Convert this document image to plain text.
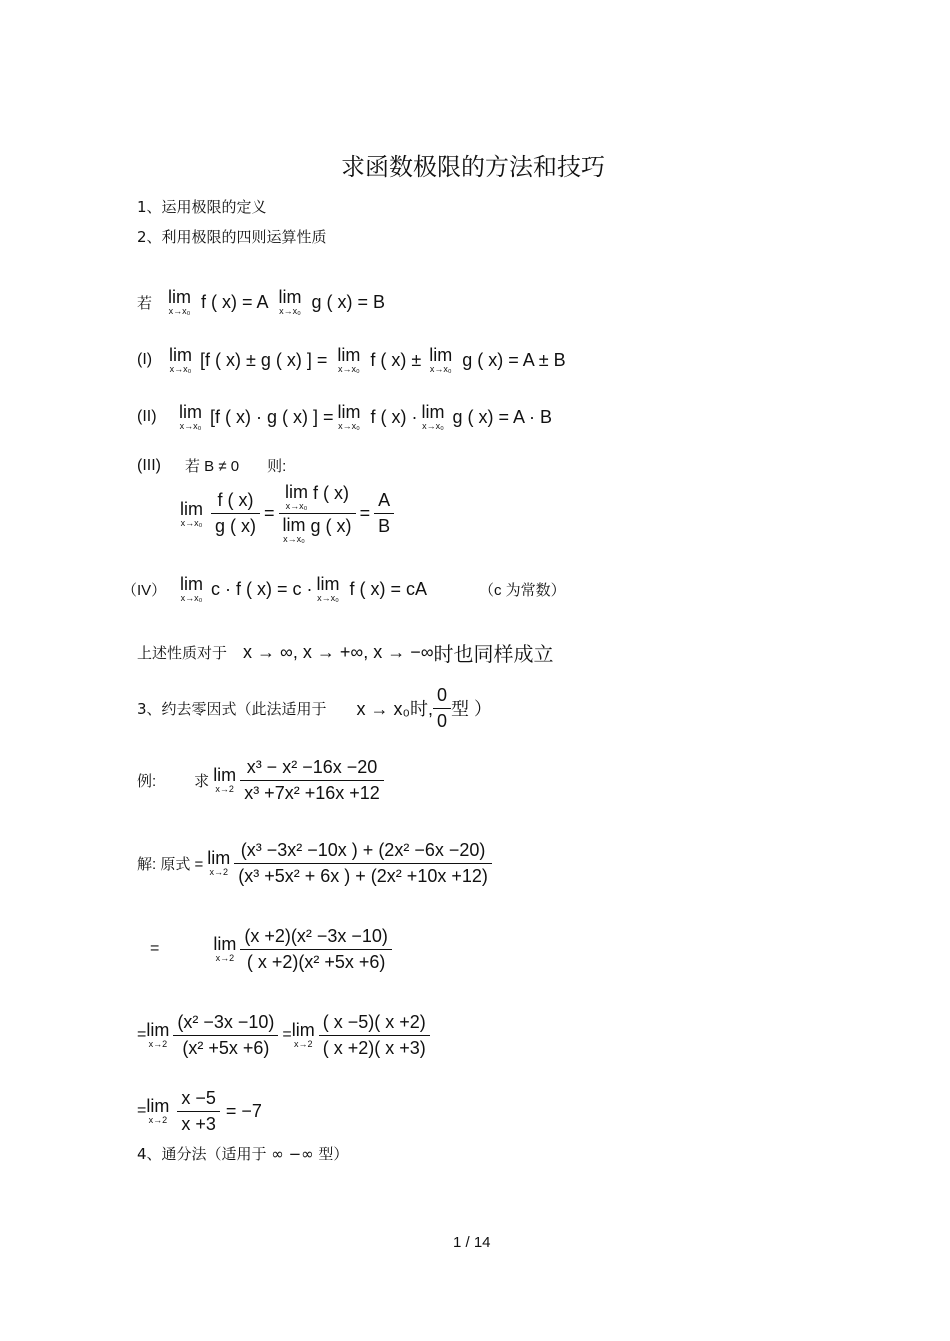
求函数极限的方法和技巧
1、运用极限的定义
2、利用极限的四则运算性质
若 lim
x→x₀ f ( x) = A lim
x→x₀ g ( x) = B
(I) lim
x→x₀ [f ( x) ± g ( x) ] = lim
x→x₀ f ( x) ± lim
x→x₀ g ( x) = A ± B
(II)	lim
x→x₀ [f ( x) · g ( x) ] = lim
x→x₀ f ( x) · lim
x→x₀ g ( x) = A · B
(III)	若 B ≠ 0 则:
lim
$x\to x_0 \frac{f ( x)}{g ( x)} = \lim$
x→x₀
f ( x)
lim
x→x₀
g ( $x) = \frac{A}{B}$
（IV） lim
x→x₀ c · f ( x) = c · lim
x→x₀ f ( x) = cA	（c 为常数）
上述性质对于 x → ∞, x → +∞, x → −∞ 时也同样成立
3、约去零因式（此法适用于 x → x₀时, $\frac{0}{0}$ 型 ）
例:	求 lim
$x\to 2 \frac{\text{x³ − x² −16x −20}}{\text{x³ +7x² +16x +12}}$
解: 原式 = lim
$x\to 2 \frac{\text{(x³ −3x² −10x ) + (2x² −6x −20)}}{\text{(x³ +5x² + 6x ) + (2x² +10x +12)}}$
=	lim
$x\to 2 \frac{\text{(x +2)(x² −3x −10)}}{\text{( x +2)(x² +5x +6)}}$
= lim
$x\to 2 \frac{\text{(x² −3x −10)}}{\text{(x² +5x +6)}} = \lim$
$x\to 2 \frac{( x -5)( x +2)}{( x +2)( x +3)}$
= lim
$x\to 2 \frac{x -5}{x +3} = -7$
4、通分法（适用于 ∞ −∞ 型）
1 / 14
